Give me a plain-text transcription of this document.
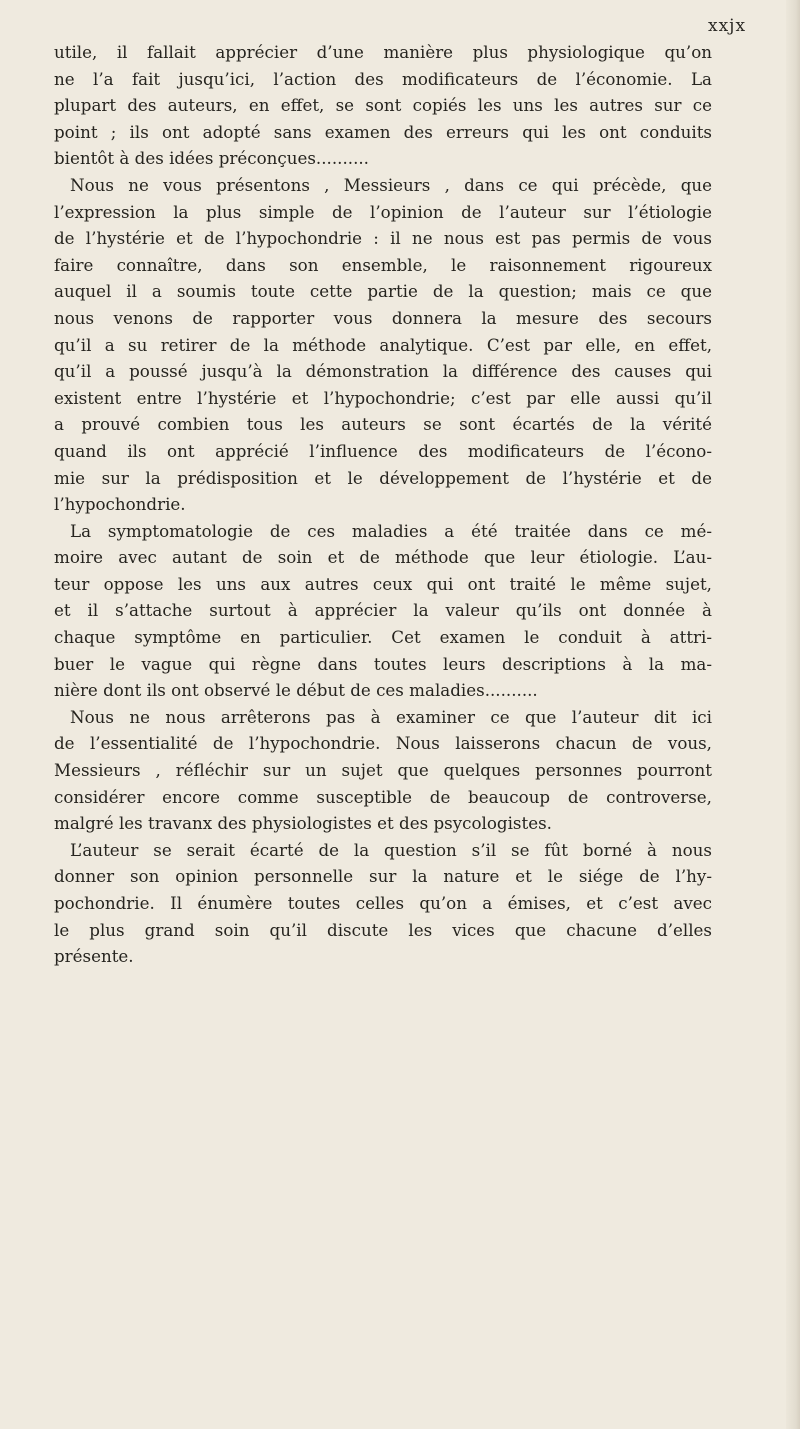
xxjx

utile, il fallait apprécier d’une manière plus physiologique qu’on
ne l’a fait jusqu’ici, l’action des modificateurs de l’économie. La
plupart des auteurs, en effet, se sont copiés les uns les autres sur ce
point ; ils ont adopté sans examen des erreurs qui les ont conduits
bientôt à des idées préconçues..........

Nous ne vous présentons , Messieurs , dans ce qui précède, que
l’expression la plus simple de l’opinion de l’auteur sur l’étiologie
de l’hystérie et de l’hypochondrie : il ne nous est pas permis de vous
faire connaître, dans son ensemble, le raisonnement rigoureux
auquel il a soumis toute cette partie de la question; mais ce que
nous venons de rapporter vous donnera la mesure des secours
qu’il a su retirer de la méthode analytique. C’est par elle, en effet,
qu’il a poussé jusqu’à la démonstration la différence des causes qui
existent entre l’hystérie et l’hypochondrie; c’est par elle aussi qu’il
a prouvé combien tous les auteurs se sont écartés de la vérité
quand ils ont apprécié l’influence des modificateurs de l’écono-
mie sur la prédisposition et le développement de l’hystérie et de
l’hypochondrie.

La symptomatologie de ces maladies a été traitée dans ce mé-
moire avec autant de soin et de méthode que leur étiologie. L’au-
teur oppose les uns aux autres ceux qui ont traité le même sujet,
et il s’attache surtout à apprécier la valeur qu’ils ont donnée à
chaque symptôme en particulier. Cet examen le conduit à attri-
buer le vague qui règne dans toutes leurs descriptions à la ma-
nière dont ils ont observé le début de ces maladies..........

Nous ne nous arrêterons pas à examiner ce que l’auteur dit ici
de l’essentialité de l’hypochondrie. Nous laisserons chacun de vous,
Messieurs , réfléchir sur un sujet que quelques personnes pourront
considérer encore comme susceptible de beaucoup de controverse,
malgré les travanx des physiologistes et des psycologistes.

L’auteur se serait écarté de la question s’il se fût borné à nous
donner son opinion personnelle sur la nature et le siége de l’hy-
pochondrie. Il énumère toutes celles qu’on a émises, et c’est avec
le plus grand soin qu’il discute les vices que chacune d’elles
présente.
